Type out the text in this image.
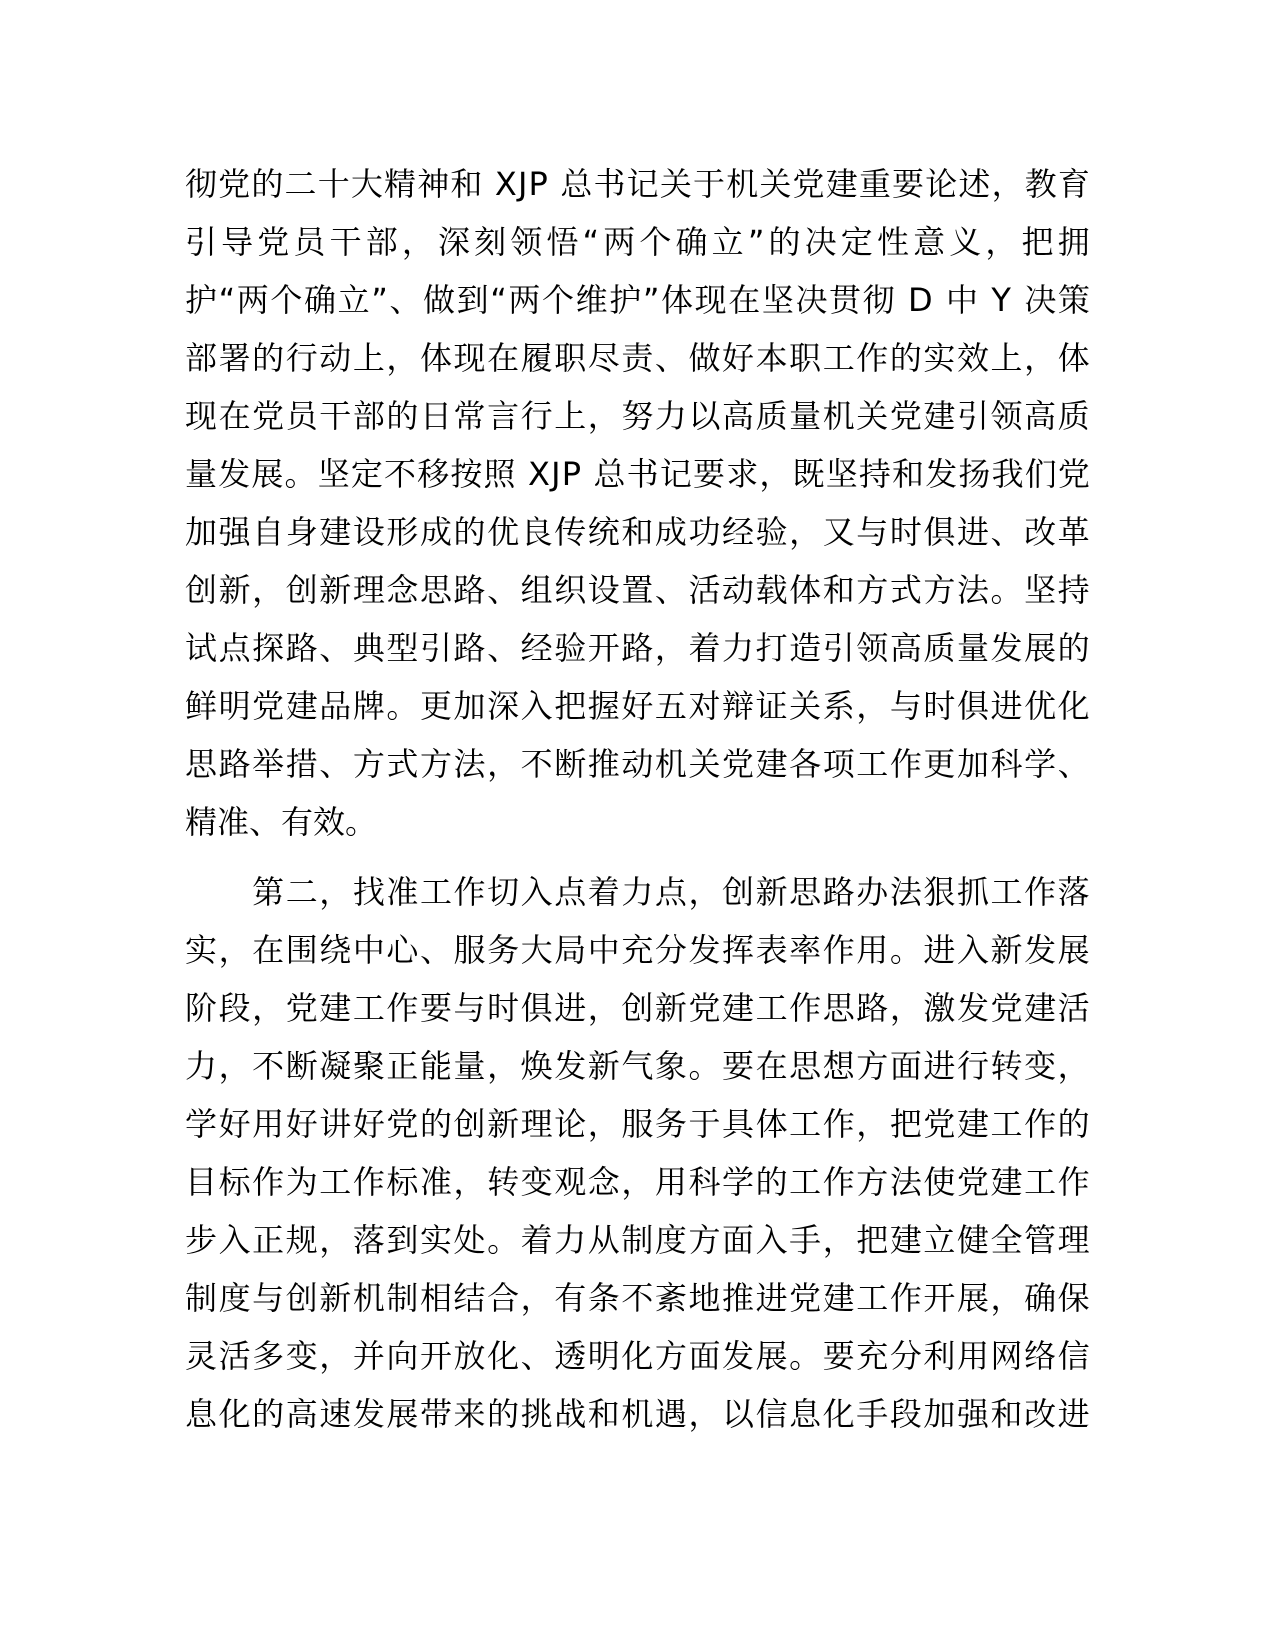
彻 党 的 二 十 大 精 神 和
X J P
总 书 记 关 于 机 关 党 建 重 要 论 述 ， 教 育
引 导 党 员 干 部 ， 深 刻 领 悟 “ 两 个 确 立 ” 的 决 定 性 意 义 ， 把 拥
护 “ 两 个 确 立 ” 、 做 到 “ 两 个 维 护 ” 体 现 在 坚 决 贯 彻
D
中
Y
决 策
部 署 的 行 动 上 ， 体 现 在 履 职 尽 责 、 做 好 本 职 工 作 的 实 效 上 ， 体
现 在 党 员 干 部 的 日 常 言 行 上 ， 努 力 以 高 质 量 机 关 党 建 引 领 高 质
量 发 展 。 坚 定 不 移 按 照
X J P
总 书 记 要 求 ， 既 坚 持 和 发 扬 我 们 党
加 强 自 身 建 设 形 成 的 优 良 传 统 和 成 功 经 验 ， 又 与 时 俱 进 、 改 革
创 新 ， 创 新 理 念 思 路 、 组 织 设 置 、 活 动 载 体 和 方 式 方 法 。 坚 持
试 点 探 路 、 典 型 引 路 、 经 验 开 路 ， 着 力 打 造 引 领 高 质 量 发 展 的
鲜 明 党 建 品 牌 。 更 加 深 入 把 握 好 五 对 辩 证 关 系 ， 与 时 俱 进 优 化
思 路 举 措 、 方 式 方 法 ， 不 断 推 动 机 关 党 建 各 项 工 作 更 加 科 学 、
精准、有效。

第 二 ， 找 准 工 作 切 入 点 着 力 点 ， 创 新 思 路 办 法 狠 抓 工 作 落
实 ， 在 围 绕 中 心 、 服 务 大 局 中 充 分 发 挥 表 率 作 用 。 进 入 新 发 展
阶 段 ， 党 建 工 作 要 与 时 俱 进 ， 创 新 党 建 工 作 思 路 ， 激 发 党 建 活
力 ， 不 断 凝 聚 正 能 量 ， 焕 发 新 气 象 。 要 在 思 想 方 面 进 行 转 变 ，
学 好 用 好 讲 好 党 的 创 新 理 论 ， 服 务 于 具 体 工 作 ， 把 党 建 工 作 的
目 标 作 为 工 作 标 准 ， 转 变 观 念 ， 用 科 学 的 工 作 方 法 使 党 建 工 作
步 入 正 规 ， 落 到 实 处 。 着 力 从 制 度 方 面 入 手 ， 把 建 立 健 全 管 理
制 度 与 创 新 机 制 相 结 合 ， 有 条 不 紊 地 推 进 党 建 工 作 开 展 ， 确 保
灵 活 多 变 ， 并 向 开 放 化 、 透 明 化 方 面 发 展 。 要 充 分 利 用 网 络 信
息 化 的 高 速 发 展 带 来 的 挑 战 和 机 遇 ， 以 信 息 化 手 段 加 强 和 改 进
